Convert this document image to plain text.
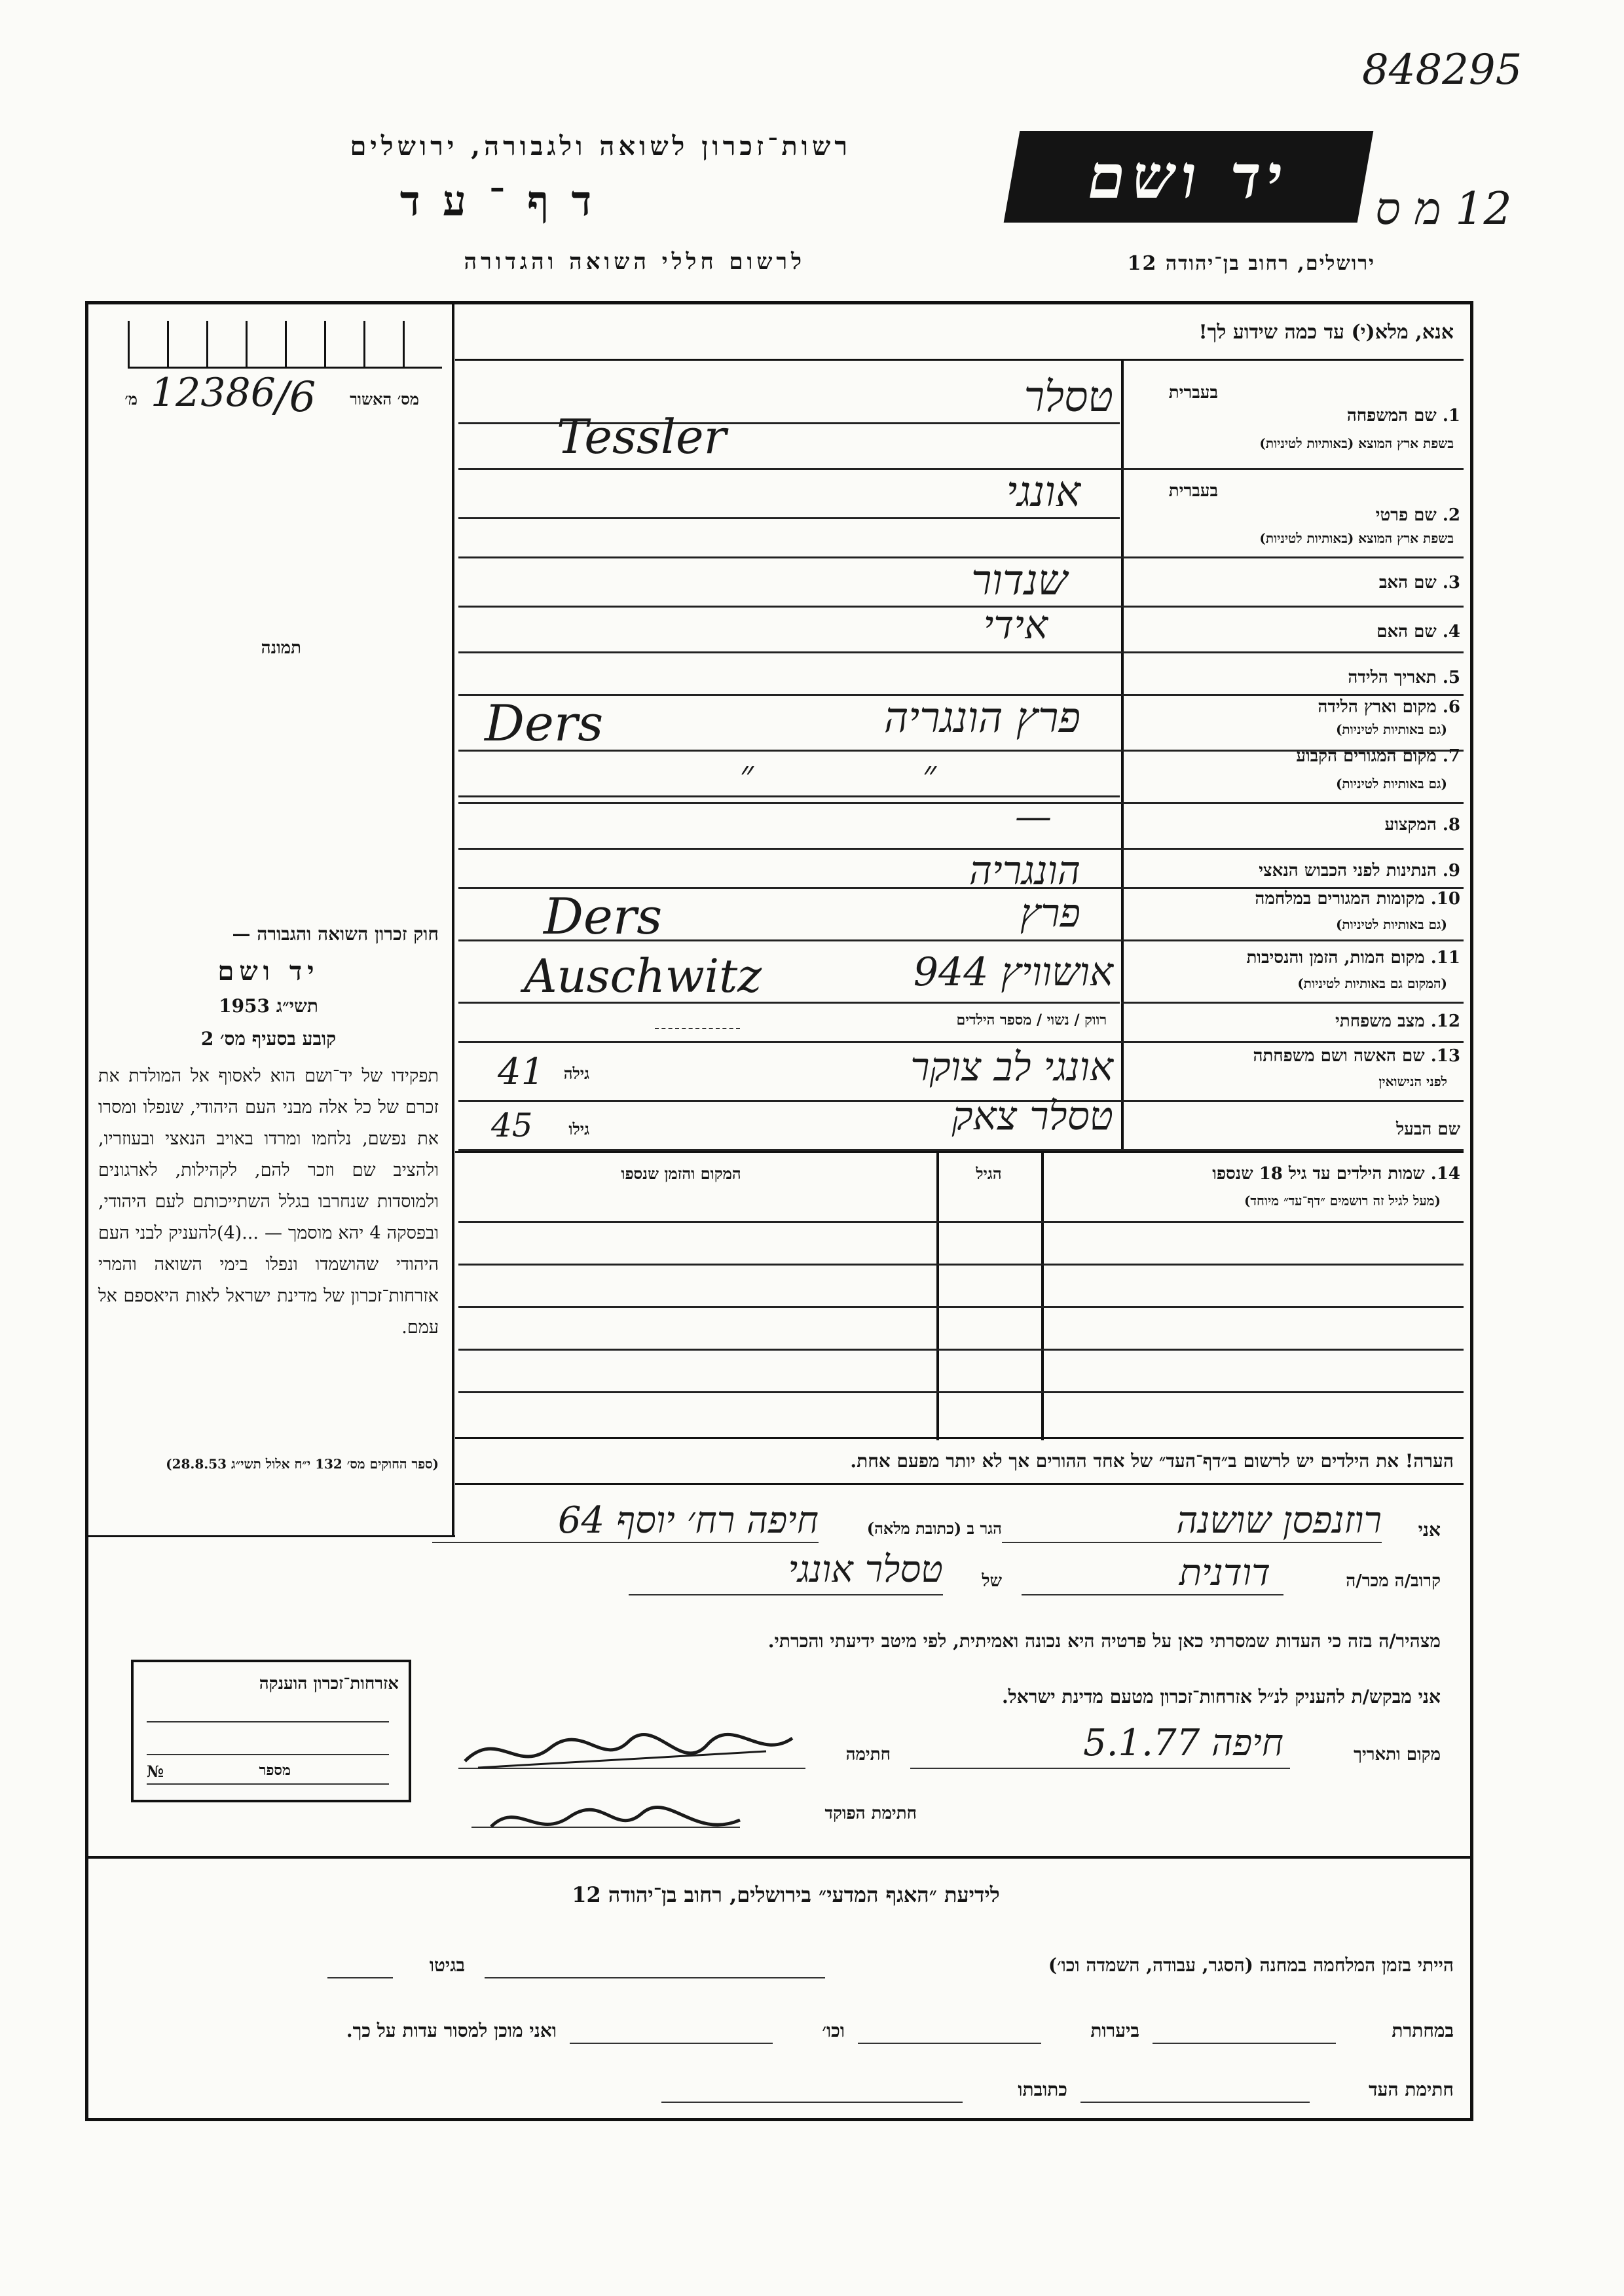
848295
12 מ ס
רשות־זכרון לשואה ולגבורה, ירושלים
ד ף ־ ע ד
לרשום חללי השואה והגדורה
יד ושם
ירושלים, רחוב בן־יהודה 12
מס׳ האשור
מ׳ 12386 /6
תמונה
אנא, מלא(י) עד כמה שידוע לך!
בעברית
1. שם המשפחה
בשפת ארץ המוצא (באותיות לטיניות)
טסלר
Tessler
בעברית
2. שם פרטי
בשפת ארץ המוצא (באותיות לטיניות)
אונגי
3. שם האב
שנדור
4. שם האם
אידי
5. תאריך הלידה
6. מקום וארץ הלידה
(גם באותיות לטיניות)
פרץ הונגריה
Ders
7. מקום המגורים הקבוע
(גם באותיות לטיניות)
״ ״
8. המקצוע
—
9. הנתינות לפני הכבוש הנאצי
הונגריה
10. מקומות המגורים במלחמה
(גם באותיות לטיניות)
פרץ
Ders
11. מקום המות, הזמן והנסיבות
(המקום גם באותיות לטיניות)
אושוויץ 944
Auschwitz
רווק / נשוי / מספר הילדים	12. מצב משפחתי
13. שם האשה ושם משפחתה
לפני הנישואין
אונגי לב צוקר
גילה
41
שם הבעל
טסלר צאק
גילו
45
14. שמות הילדים עד גיל 18 שנספו
(מעל לגיל זה רושמים ״דף־עד״ מיוחד)
הגיל
המקום והזמן שנספו
הערה! את הילדים יש לרשום ב״דף־העד״ של אחד ההורים אך לא יותר מפעם אחת.
חוק זכרון השואה והגבורה —
יד ושם
תשי״ג 1953
קובע בסעיף מס׳ 2
תפקידו של יד־ושם הוא לאסוף אל המולדת את זכרם של כל אלה מבני העם היהודי, שנפלו ומסרו את נפשם, נלחמו ומרדו באויב הנאצי ובעוזריו, ולהציב שם וזכר להם, לקהילות, לארגונים ולמוסדות שנחרבו בגלל השתייכותם לעם היהודי, ובפסקה 4 יהא מוסמך — ...(4)להעניק לבני העם היהודי שהושמדו ונפלו בימי השואה והמרי אזרחות־זכרון של מדינת ישראל לאות היאספם אל עמם.
(ספר החוקים מס׳ 132 י״ח אלול תשי״ג 28.8.53)
אני
רוזנפסן שושנה
הגר ב (כתובת מלאה)
חיפה רח׳ יוסף 64
קרוב/ה מכר/ה
דודנית
של
טסלר אונגי
מצהיר/ה בזה כי העדות שמסרתי כאן על פרטיה היא נכונה ואמיתית, לפי מיטב ידיעתי והכרתי.
אני מבקש/ת להעניק לנ״ל אזרחות־זכרון מטעם מדינת ישראל.
מקום ותאריך
חיפה 5.1.77
חתימה
חתימת הפוקד
אזרחות־זכרון הוענקה
№	מספר
לידיעת ״האגף המדעי״ בירושלים, רחוב בן־יהודה 12
הייתי בזמן המלחמה במחנה (הסגר, עבודה, השמדה וכו׳)
בגיטו
במחתרת
ביערות
וכו׳
ואני מוכן למסור עדות על כך.
חתימת העד
כתובתו
